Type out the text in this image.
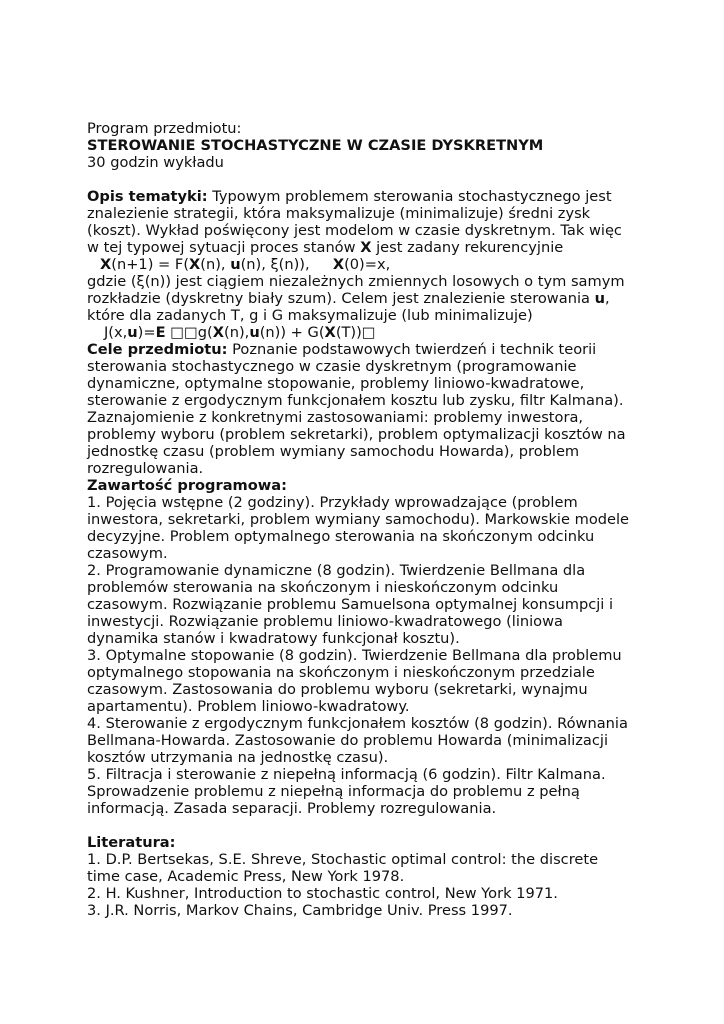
Program przedmiotu:
STEROWANIE STOCHASTYCZNE W CZASIE DYSKRETNYM
30 godzin wykładu
Opis tematyki: Typowym problemem sterowania stochastycznego jest
znalezienie strategii, która maksymalizuje (minimalizuje) średni zysk
(koszt). Wykład poświęcony jest modelom w czasie dyskretnym. Tak więc
w tej typowej sytuacji proces stanów X jest zadany rekurencyjnie
X(n+1) = F(X(n), u(n), ξ(n)),     X(0)=x,
gdzie (ξ(n)) jest ciągiem niezależnych zmiennych losowych o tym samym
rozkładzie (dyskretny biały szum). Celem jest znalezienie sterowania u,
które dla zadanych T, g i G maksymalizuje (lub minimalizuje)
J(x,u)=E □□g(X(n),u(n)) + G(X(T))□
Cele przedmiotu: Poznanie podstawowych twierdzeń i technik teorii
sterowania stochastycznego w czasie dyskretnym (programowanie
dynamiczne, optymalne stopowanie, problemy liniowo-kwadratowe,
sterowanie z ergodycznym funkcjonałem kosztu lub zysku, filtr Kalmana).
Zaznajomienie z konkretnymi zastosowaniami: problemy inwestora,
problemy wyboru (problem sekretarki), problem optymalizacji kosztów na
jednostkę czasu (problem wymiany samochodu Howarda), problem
rozregulowania.
Zawartość programowa:
1. Pojęcia wstępne (2 godziny). Przykłady wprowadzające (problem
inwestora, sekretarki, problem wymiany samochodu). Markowskie modele
decyzyjne. Problem optymalnego sterowania na skończonym odcinku
czasowym.
2. Programowanie dynamiczne (8 godzin). Twierdzenie Bellmana dla
problemów sterowania na skończonym i nieskończonym odcinku
czasowym. Rozwiązanie problemu Samuelsona optymalnej konsumpcji i
inwestycji. Rozwiązanie problemu liniowo-kwadratowego (liniowa
dynamika stanów i kwadratowy funkcjonał kosztu).
3. Optymalne stopowanie (8 godzin). Twierdzenie Bellmana dla problemu
optymalnego stopowania na skończonym i nieskończonym przedziale
czasowym. Zastosowania do problemu wyboru (sekretarki, wynajmu
apartamentu). Problem liniowo-kwadratowy.
4. Sterowanie z ergodycznym funkcjonałem kosztów (8 godzin). Równania
Bellmana-Howarda. Zastosowanie do problemu Howarda (minimalizacji
kosztów utrzymania na jednostkę czasu).
5. Filtracja i sterowanie z niepełną informacją (6 godzin). Filtr Kalmana.
Sprowadzenie problemu z niepełną informacja do problemu z pełną
informacją. Zasada separacji. Problemy rozregulowania.
Literatura:
1. D.P. Bertsekas, S.E. Shreve, Stochastic optimal control: the discrete
time case, Academic Press, New York 1978.
2. H. Kushner, Introduction to stochastic control, New York 1971.
3. J.R. Norris, Markov Chains, Cambridge Univ. Press 1997.
